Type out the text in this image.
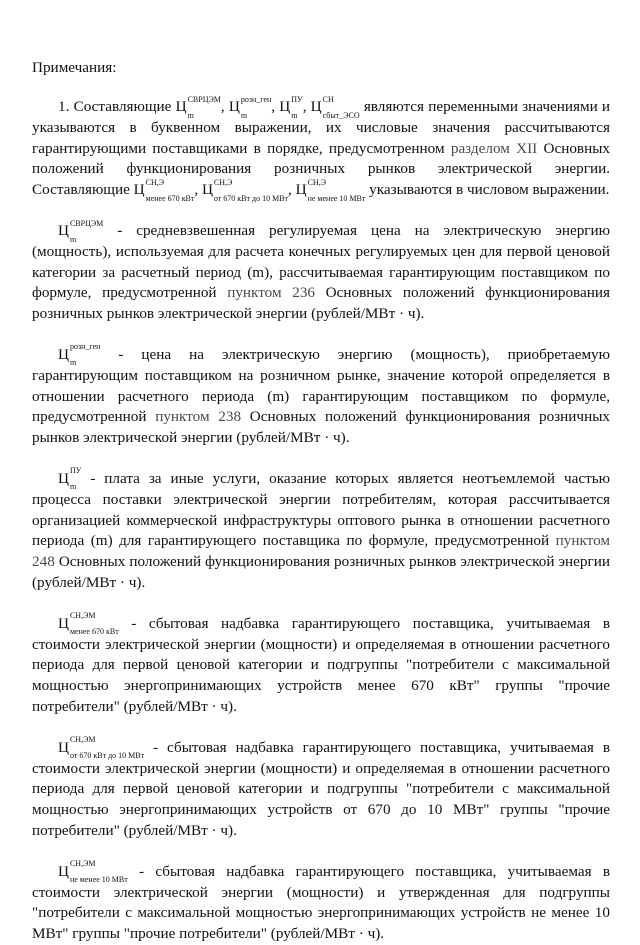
Примечания:

1. Составляющие Ц СВРЦЭМ
m
, Ц розн_ген
m
, Ц ПУ
m
, Ц СН
сбыт_ЭСО
являются переменными значениями и указываются в буквенном выражении, их числовые значения рассчитываются гарантирующими поставщиками в порядке, предусмотренном разделом XII Основных положений функционирования розничных рынков электрической энергии. Составляющие Ц СН,Э
менее 670 кВт
, Ц СН,Э
от 670 кВт до 10 МВт
, Ц СН,Э
не менее 10 МВт
указываются в числовом выражении.

Ц СВРЦЭМ
m
- средневзвешенная регулируемая цена на электрическую энергию (мощность), используемая для расчета конечных регулируемых цен для первой ценовой категории за расчетный период (m), рассчитываемая гарантирующим поставщиком по формуле, предусмотренной пунктом 236 Основных положений функционирования розничных рынков электрической энергии (рублей/МВт · ч).

Ц розн_ген
m
- цена на электрическую энергию (мощность), приобретаемую гарантирующим поставщиком на розничном рынке, значение которой определяется в отношении расчетного периода (m) гарантирующим поставщиком по формуле, предусмотренной пунктом 238 Основных положений функционирования розничных рынков электрической энергии (рублей/МВт · ч).

Ц ПУ
m
- плата за иные услуги, оказание которых является неотъемлемой частью процесса поставки электрической энергии потребителям, которая рассчитывается организацией коммерческой инфраструктуры оптового рынка в отношении расчетного периода (m) для гарантирующего поставщика по формуле, предусмотренной пунктом 248 Основных положений функционирования розничных рынков электрической энергии (рублей/МВт · ч).

Ц СН,ЭМ
менее 670 кВт
- сбытовая надбавка гарантирующего поставщика, учитываемая в стоимости электрической энергии (мощности) и определяемая в отношении расчетного периода для первой ценовой категории и подгруппы "потребители с максимальной мощностью энергопринимающих устройств менее 670 кВт" группы "прочие потребители" (рублей/МВт · ч).

Ц СН,ЭМ
от 670 кВт до 10 МВт
- сбытовая надбавка гарантирующего поставщика, учитываемая в стоимости электрической энергии (мощности) и определяемая в отношении расчетного периода для первой ценовой категории и подгруппы "потребители с максимальной мощностью энергопринимающих устройств от 670 до 10 МВт" группы "прочие потребители" (рублей/МВт · ч).

Ц СН,ЭМ
не менее 10 МВт
- сбытовая надбавка гарантирующего поставщика, учитываемая в стоимости электрической энергии (мощности) и утвержденная для подгруппы "потребители с максимальной мощностью энергопринимающих устройств не менее 10 МВт" группы "прочие потребители" (рублей/МВт · ч).
